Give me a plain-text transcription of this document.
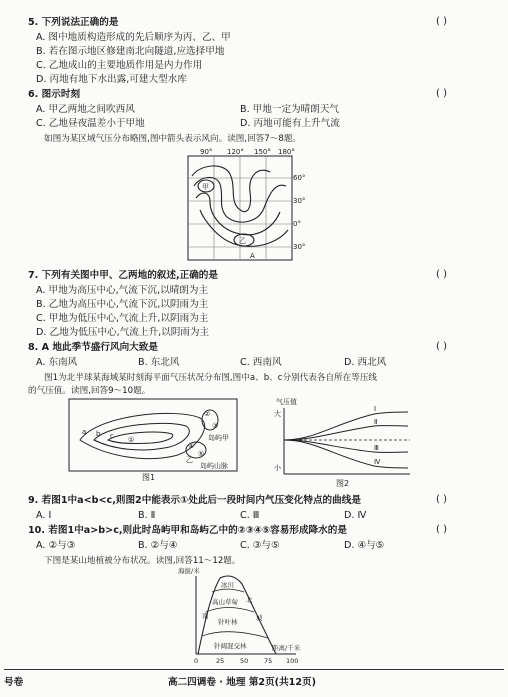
5. 下列说法正确的是	( )
A. 图中地质构造形成的先后顺序为丙、乙、甲
B. 若在图示地区修建南北向隧道,应选择甲地
C. 乙地成山的主要地质作用是内力作用
D. 丙地有地下水出露,可建大型水库
6. 图示时刻	( )
A. 甲乙两地之间吹西风	B. 甲地一定为晴朗天气
C. 乙地昼夜温差小于甲地	D. 丙地可能有上升气流
如图为某区域气压分布略图,图中箭头表示风向。读图,回答7～8题。
90° 120° 150° 180°
60°
30°
0°
30°
甲
乙
A
7. 下列有关图中甲、乙两地的叙述,正确的是	( )
A. 甲地为高压中心,气流下沉,以晴朗为主
B. 乙地为高压中心,气流下沉,以阴雨为主
C. 甲地为低压中心,气流上升,以阴雨为主
D. 乙地为低压中心,气流上升,以阴雨为主
8. A 地此季节盛行风向大致是	( )
A. 东南风	B. 东北风	C. 西南风	D. 西北风
图1为北半球某海域某时刻海平面气压状况分布图,图中a、b、c分别代表各自所在等压线
的气压值。读图,回答9～10题。
a b c ①
②
③
④
⑤
岛屿甲
乙
岛屿山脉
图1
气压值
大
小
Ⅰ
Ⅱ
Ⅲ
Ⅳ
图2
9. 若图1中a<b<c,则图2中能表示①处此后一段时间内气压变化特点的曲线是	( )
A. Ⅰ	B. Ⅱ	C. Ⅲ	D. Ⅳ
10. 若图1中a>b>c,则此时岛屿甲和岛屿乙中的②③④⑤容易形成降水的是	( )
A. ②与③	B. ②与④	C. ③与⑤	D. ④与⑤
下图是某山地植被分布状况。读图,回答11～12题。
海拔/米
冰川
高山草甸 北
针叶林
南	坡
针阔混交林
0	25 50 75 100
距离/千米
号卷	高二四调卷 · 地理 第2页(共12页)
